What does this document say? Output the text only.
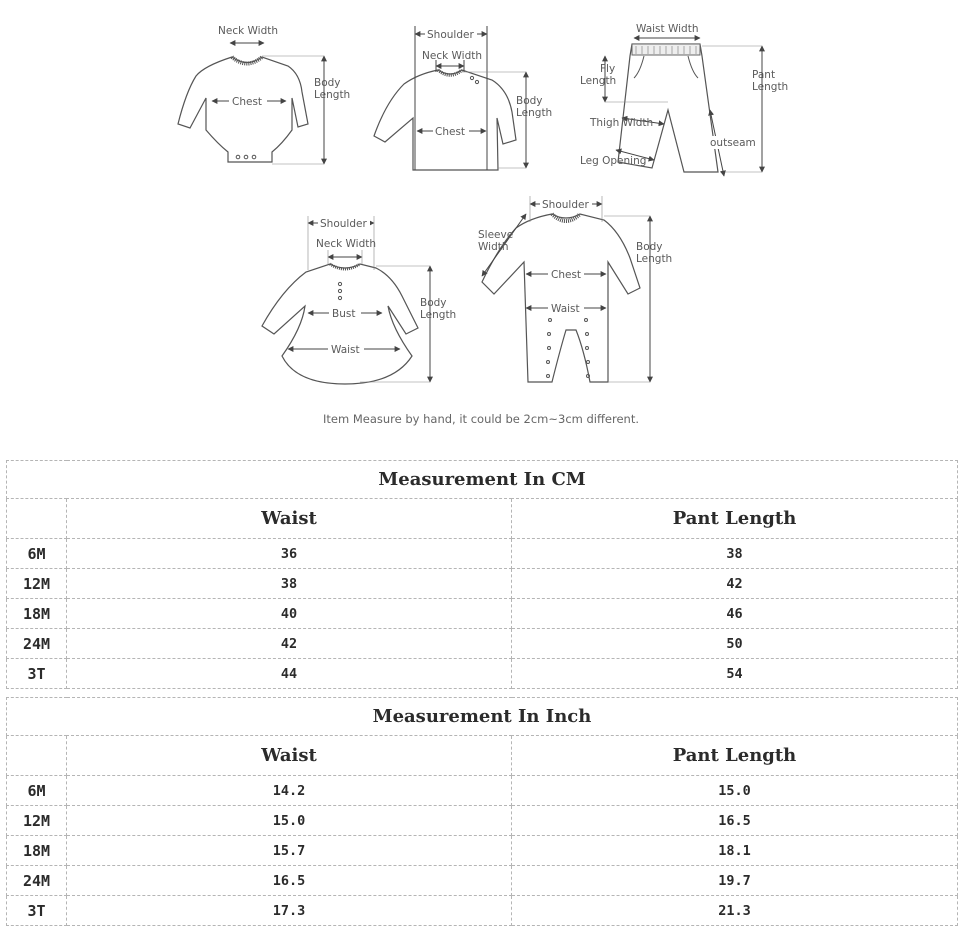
Neck Width
Chest
Body
Length
Shoulder
Neck Width
Chest
Body
Length
Waist Width
Fly
Length	Pant
Length
Thigh Width
outseam
Leg Opening
Shoulder
Neck Width
Bust
Waist
Body
Length
Shoulder
Sleeve
Width
Chest
Waist
Body
Length
Item Measure by hand, it could be 2cm~3cm different.
Measurement In CM		
	Waist	Pant Length
6M	36	38
12M	38	42
18M	40	46
24M	42	50
3T	44	54
Measurement In Inch		
	Waist	Pant Length
6M	14.2	15.0
12M	15.0	16.5
18M	15.7	18.1
24M	16.5	19.7
3T	17.3	21.3
